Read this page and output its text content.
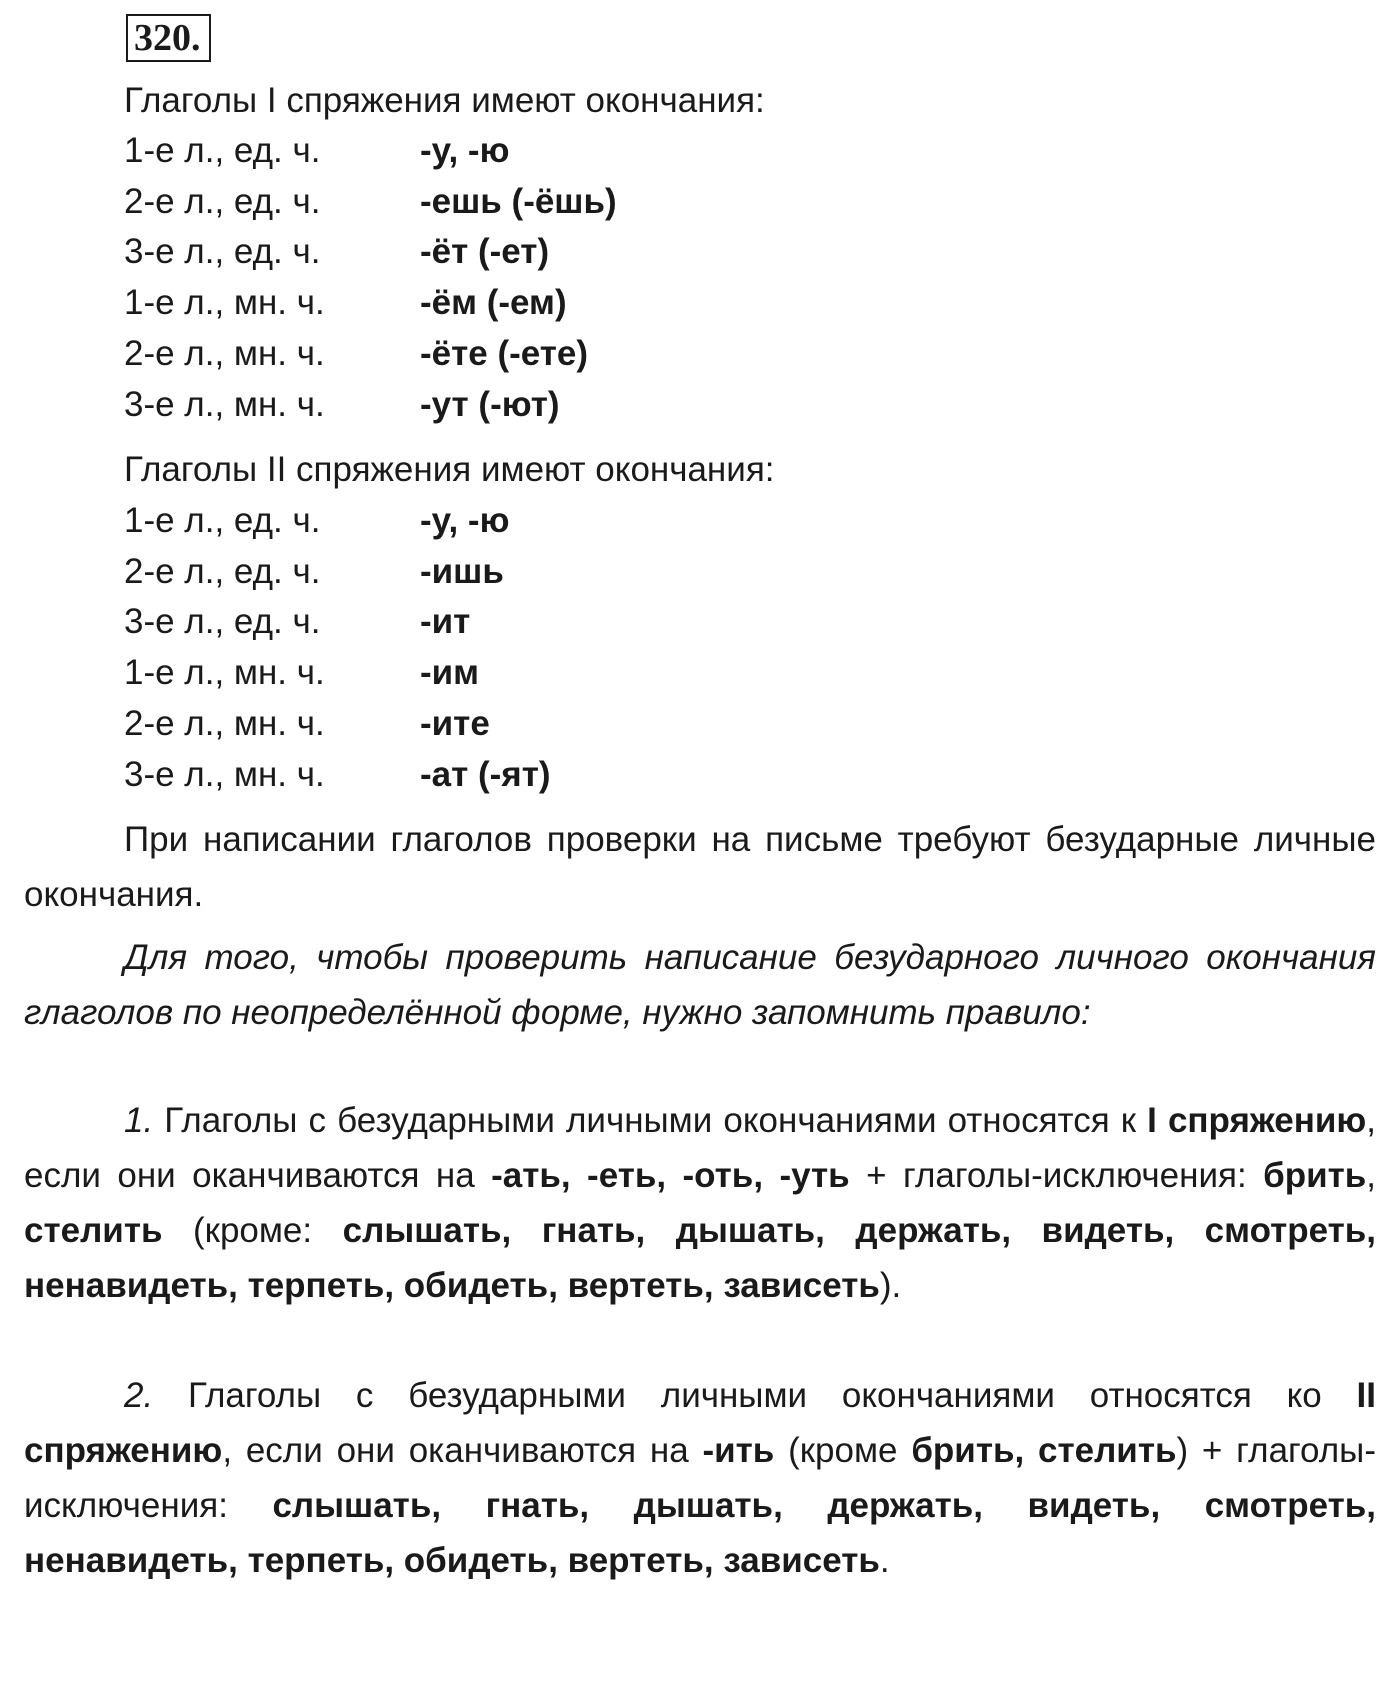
320.
Глаголы I спряжения имеют окончания:
1-е л., ед. ч.	-у, -ю
2-е л., ед. ч.	-ешь (-ёшь)
3-е л., ед. ч.	-ёт (-ет)
1-е л., мн. ч.	-ём (-ем)
2-е л., мн. ч.	-ёте (-ете)
3-е л., мн. ч.	-ут (-ют)
Глаголы II спряжения имеют окончания:
1-е л., ед. ч.	-у, -ю
2-е л., ед. ч.	-ишь
3-е л., ед. ч.	-ит
1-е л., мн. ч.	-им
2-е л., мн. ч.	-ите
3-е л., мн. ч.	-ат (-ят)
При написании глаголов проверки на письме требуют безударные личные окончания.
Для того, чтобы проверить написание безударного личного окончания глаголов по неопределённой форме, нужно запомнить правило:
1. Глаголы с безударными личными окончаниями относятся к I спряжению, если они оканчиваются на -ать, -еть, -оть, -уть + глаголы-исключения: брить, стелить (кроме: слышать, гнать, дышать, держать, видеть, смотреть, ненавидеть, терпеть, обидеть, вертеть, зависеть).
2. Глаголы с безударными личными окончаниями относятся ко II спряжению, если они оканчиваются на -ить (кроме брить, стелить) + глаголы-исключения: слышать, гнать, дышать, держать, видеть, смотреть, ненавидеть, терпеть, обидеть, вертеть, зависеть.
